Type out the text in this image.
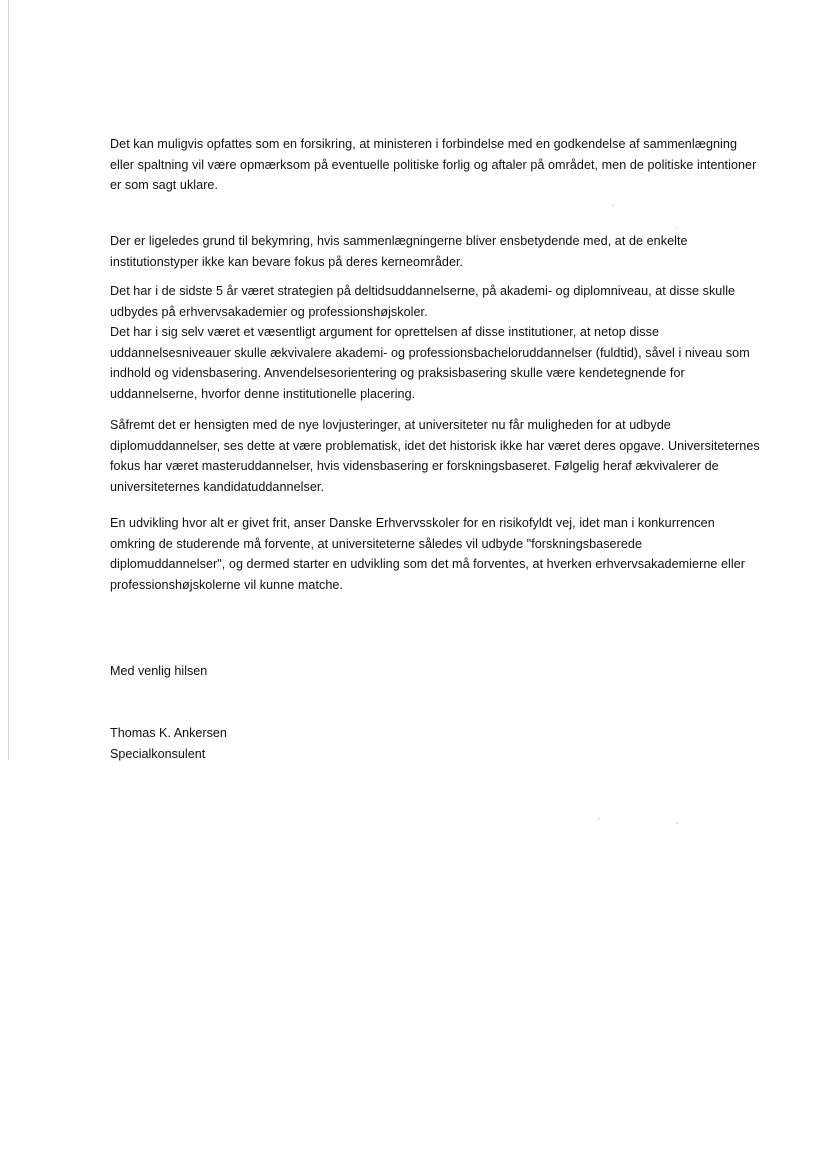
Det kan muligvis opfattes som en forsikring, at ministeren i forbindelse med en godkendelse af sammenlægning eller spaltning vil være opmærksom på eventuelle politiske forlig og aftaler på området, men de politiske intentioner er som sagt uklare.

Der er ligeledes grund til bekymring, hvis sammenlægningerne bliver ensbetydende med, at de enkelte institutionstyper ikke kan bevare fokus på deres kerneområder.

Det har i de sidste 5 år været strategien på deltidsuddannelserne, på akademi- og diplomniveau, at disse skulle udbydes på erhvervsakademier og professionshøjskoler.
Det har i sig selv været et væsentligt argument for oprettelsen af disse institutioner, at netop disse uddannelsesniveauer skulle ækvivalere akademi- og professionsbacheloruddannelser (fuldtid), såvel i niveau som indhold og vidensbasering. Anvendelsesorientering og praksisbasering skulle være kendetegnende for uddannelserne, hvorfor denne institutionelle placering.

Såfremt det er hensigten med de nye lovjusteringer, at universiteter nu får muligheden for at udbyde diplomuddannelser, ses dette at være problematisk, idet det historisk ikke har været deres opgave. Universiteternes fokus har været masteruddannelser, hvis vidensbasering er forskningsbaseret. Følgelig heraf ækvivalerer de universiteternes kandidatuddannelser.

En udvikling hvor alt er givet frit, anser Danske Erhvervsskoler for en risikofyldt vej, idet man i konkurrencen omkring de studerende må forvente, at universiteterne således vil udbyde "forskningsbaserede diplomuddannelser", og dermed starter en udvikling som det må forventes, at hverken erhvervsakademierne eller professionshøjskolerne vil kunne matche.

Med venlig hilsen
Thomas K. Ankersen
Specialkonsulent
